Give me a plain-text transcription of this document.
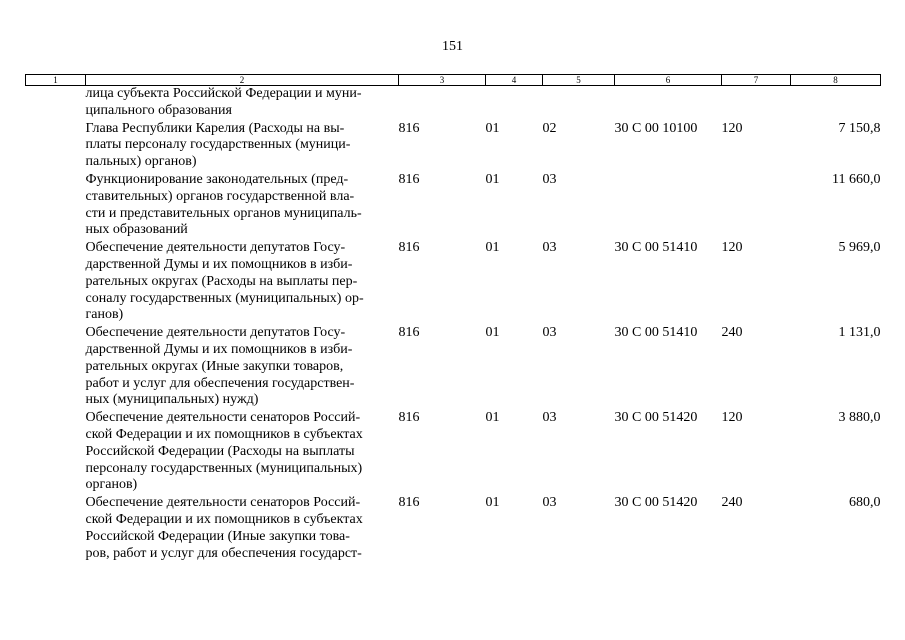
151
1	2	3	4	5	6	7	8

	лица субъекта Российской Федерации и муни-
ципального образования						

	Глава Республики Карелия (Расходы на вы-
платы персоналу государственных (муници-
пальных) органов)	816	01	02	30 С 00 10100	120	7 150,8

	Функционирование законодательных (пред-
ставительных) органов государственной вла-
сти и представительных органов муниципаль-
ных образований	816	01	03			11 660,0

	Обеспечение деятельности депутатов Госу-
дарственной Думы и их помощников в изби-
рательных округах (Расходы на выплаты пер-
соналу государственных (муниципальных) ор-
ганов)	816	01	03	30 С 00 51410	120	5 969,0

	Обеспечение деятельности депутатов Госу-
дарственной Думы и их помощников в изби-
рательных округах (Иные закупки товаров,
работ и услуг для обеспечения государствен-
ных (муниципальных) нужд)	816	01	03	30 С 00 51410	240	1 131,0

	Обеспечение деятельности сенаторов Россий-
ской Федерации и их помощников в субъектах
Российской Федерации (Расходы на выплаты
персоналу государственных (муниципальных)
органов)	816	01	03	30 С 00 51420	120	3 880,0

	Обеспечение деятельности сенаторов Россий-
ской Федерации и их помощников в субъектах
Российской Федерации (Иные закупки това-
ров, работ и услуг для обеспечения государст-	816	01	03	30 С 00 51420	240	680,0
